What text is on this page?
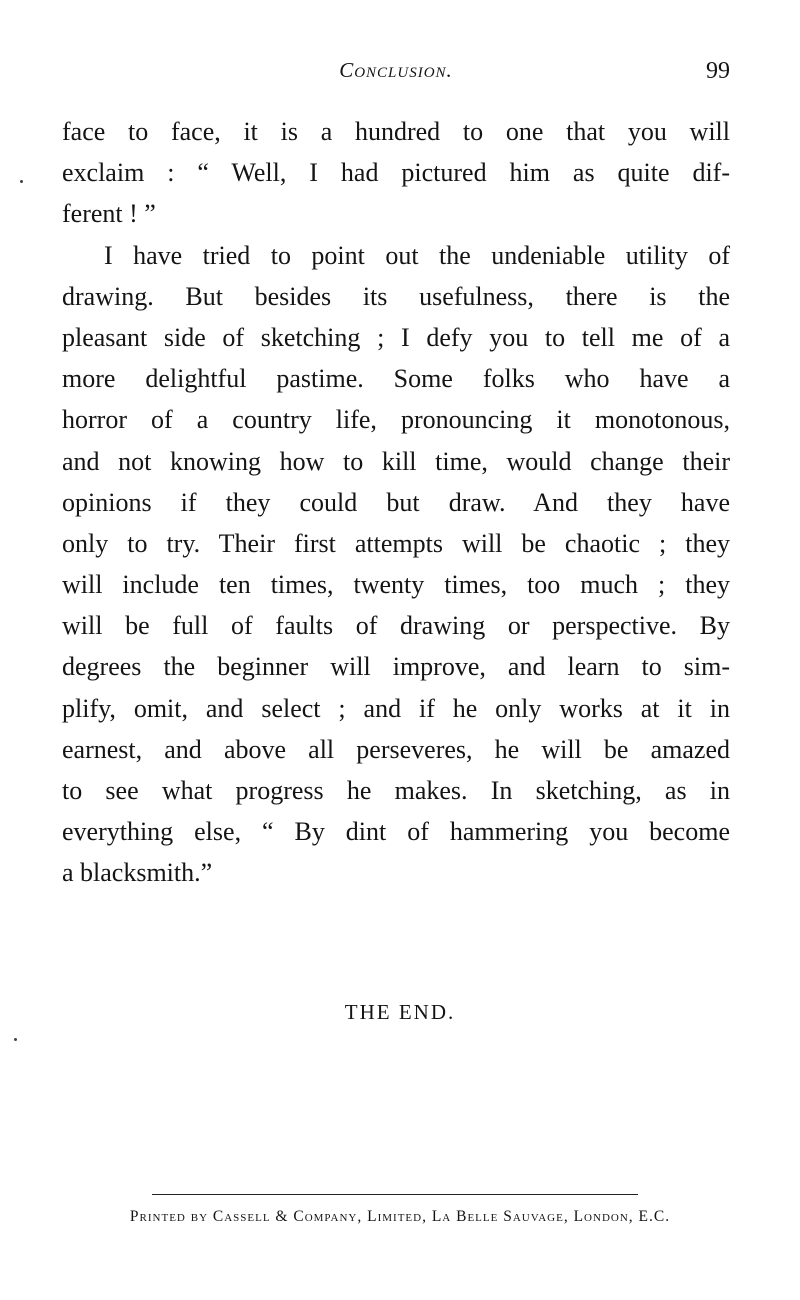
Conclusion.	99
face to face, it is a hundred to one that you will
exclaim : “ Well, I had pictured him as quite dif-
ferent ! ”
I have tried to point out the undeniable utility of
drawing. But besides its usefulness, there is the
pleasant side of sketching ; I defy you to tell me of a
more delightful pastime. Some folks who have a
horror of a country life, pronouncing it monotonous,
and not knowing how to kill time, would change their
opinions if they could but draw. And they have
only to try. Their first attempts will be chaotic ; they
will include ten times, twenty times, too much ; they
will be full of faults of drawing or perspective. By
degrees the beginner will improve, and learn to sim-
plify, omit, and select ; and if he only works at it in
earnest, and above all perseveres, he will be amazed
to see what progress he makes. In sketching, as in
everything else, “ By dint of hammering you become
a blacksmith.”
THE END.
Printed by Cassell & Company, Limited, La Belle Sauvage, London, E.C.
